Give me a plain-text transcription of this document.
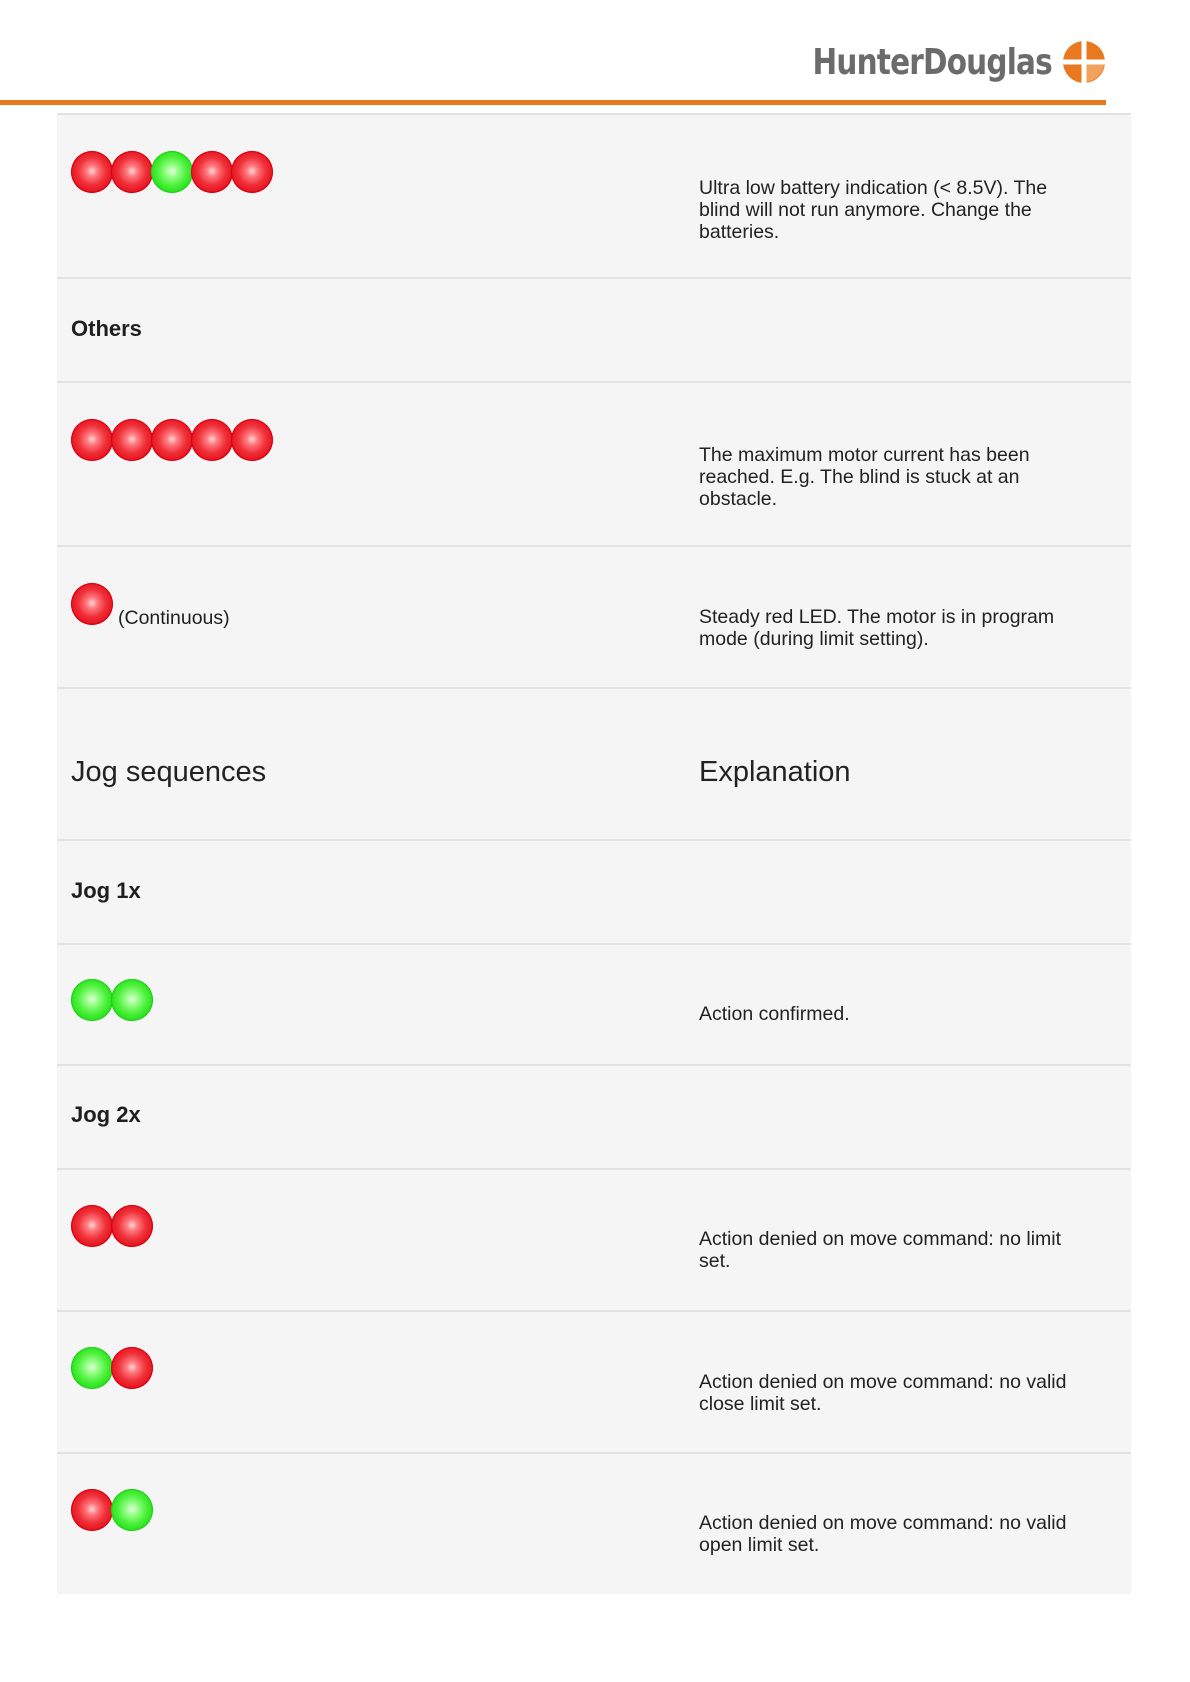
HunterDouglas
Ultra low battery indication (< 8.5V). The blind will not run anymore. Change the batteries.
Others
The maximum motor current has been reached. E.g. The blind is stuck at an obstacle.
(Continuous)	Steady red LED. The motor is in program mode (during limit setting).
Jog sequences	Explanation
Jog 1x
Action confirmed.
Jog 2x
Action denied on move command: no limit set.
Action denied on move command: no valid close limit set.
Action denied on move command: no valid open limit set.
